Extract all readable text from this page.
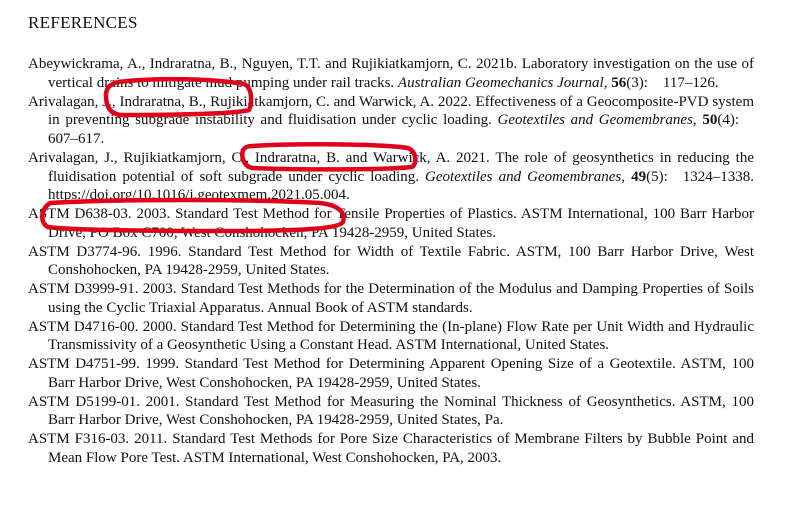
REFERENCES

Abeywickrama, A., Indraratna, B., Nguyen, T.T. and Rujikiatkamjorn, C. 2021b. Laboratory investigation on the use of vertical drains to mitigate mud pumping under rail tracks. Australian Geomechanics Journal, 56(3): 117–126.

Arivalagan, J., Indraratna, B., Rujikiatkamjorn, C. and Warwick, A. 2022. Effectiveness of a Geocomposite-PVD system in preventing subgrade instability and fluidisation under cyclic loading. Geotextiles and Geomembranes, 50(4): 607–617.

Arivalagan, J., Rujikiatkamjorn, C., Indraratna, B. and Warwick, A. 2021. The role of geosynthetics in reducing the fluidisation potential of soft subgrade under cyclic loading. Geotextiles and Geomembranes, 49(5): 1324–1338. https://doi.org/10.1016/j.geotexmem.2021.05.004.

ASTM D638-03. 2003. Standard Test Method for Tensile Properties of Plastics. ASTM International, 100 Barr Harbor Drive, PO Box C700, West Conshohocken, PA 19428-2959, United States.

ASTM D3774-96. 1996. Standard Test Method for Width of Textile Fabric. ASTM, 100 Barr Harbor Drive, West Conshohocken, PA 19428-2959, United States.

ASTM D3999-91. 2003. Standard Test Methods for the Determination of the Modulus and Damping Properties of Soils using the Cyclic Triaxial Apparatus. Annual Book of ASTM standards.

ASTM D4716-00. 2000. Standard Test Method for Determining the (In-plane) Flow Rate per Unit Width and Hydraulic Transmissivity of a Geosynthetic Using a Constant Head. ASTM International, United States.

ASTM D4751-99. 1999. Standard Test Method for Determining Apparent Opening Size of a Geotextile. ASTM, 100 Barr Harbor Drive, West Conshohocken, PA 19428-2959, United States.

ASTM D5199-01. 2001. Standard Test Method for Measuring the Nominal Thickness of Geosynthetics. ASTM, 100 Barr Harbor Drive, West Conshohocken, PA 19428-2959, United States, Pa.

ASTM F316-03. 2011. Standard Test Methods for Pore Size Characteristics of Membrane Filters by Bubble Point and Mean Flow Pore Test. ASTM International, West Conshohocken, PA, 2003.
